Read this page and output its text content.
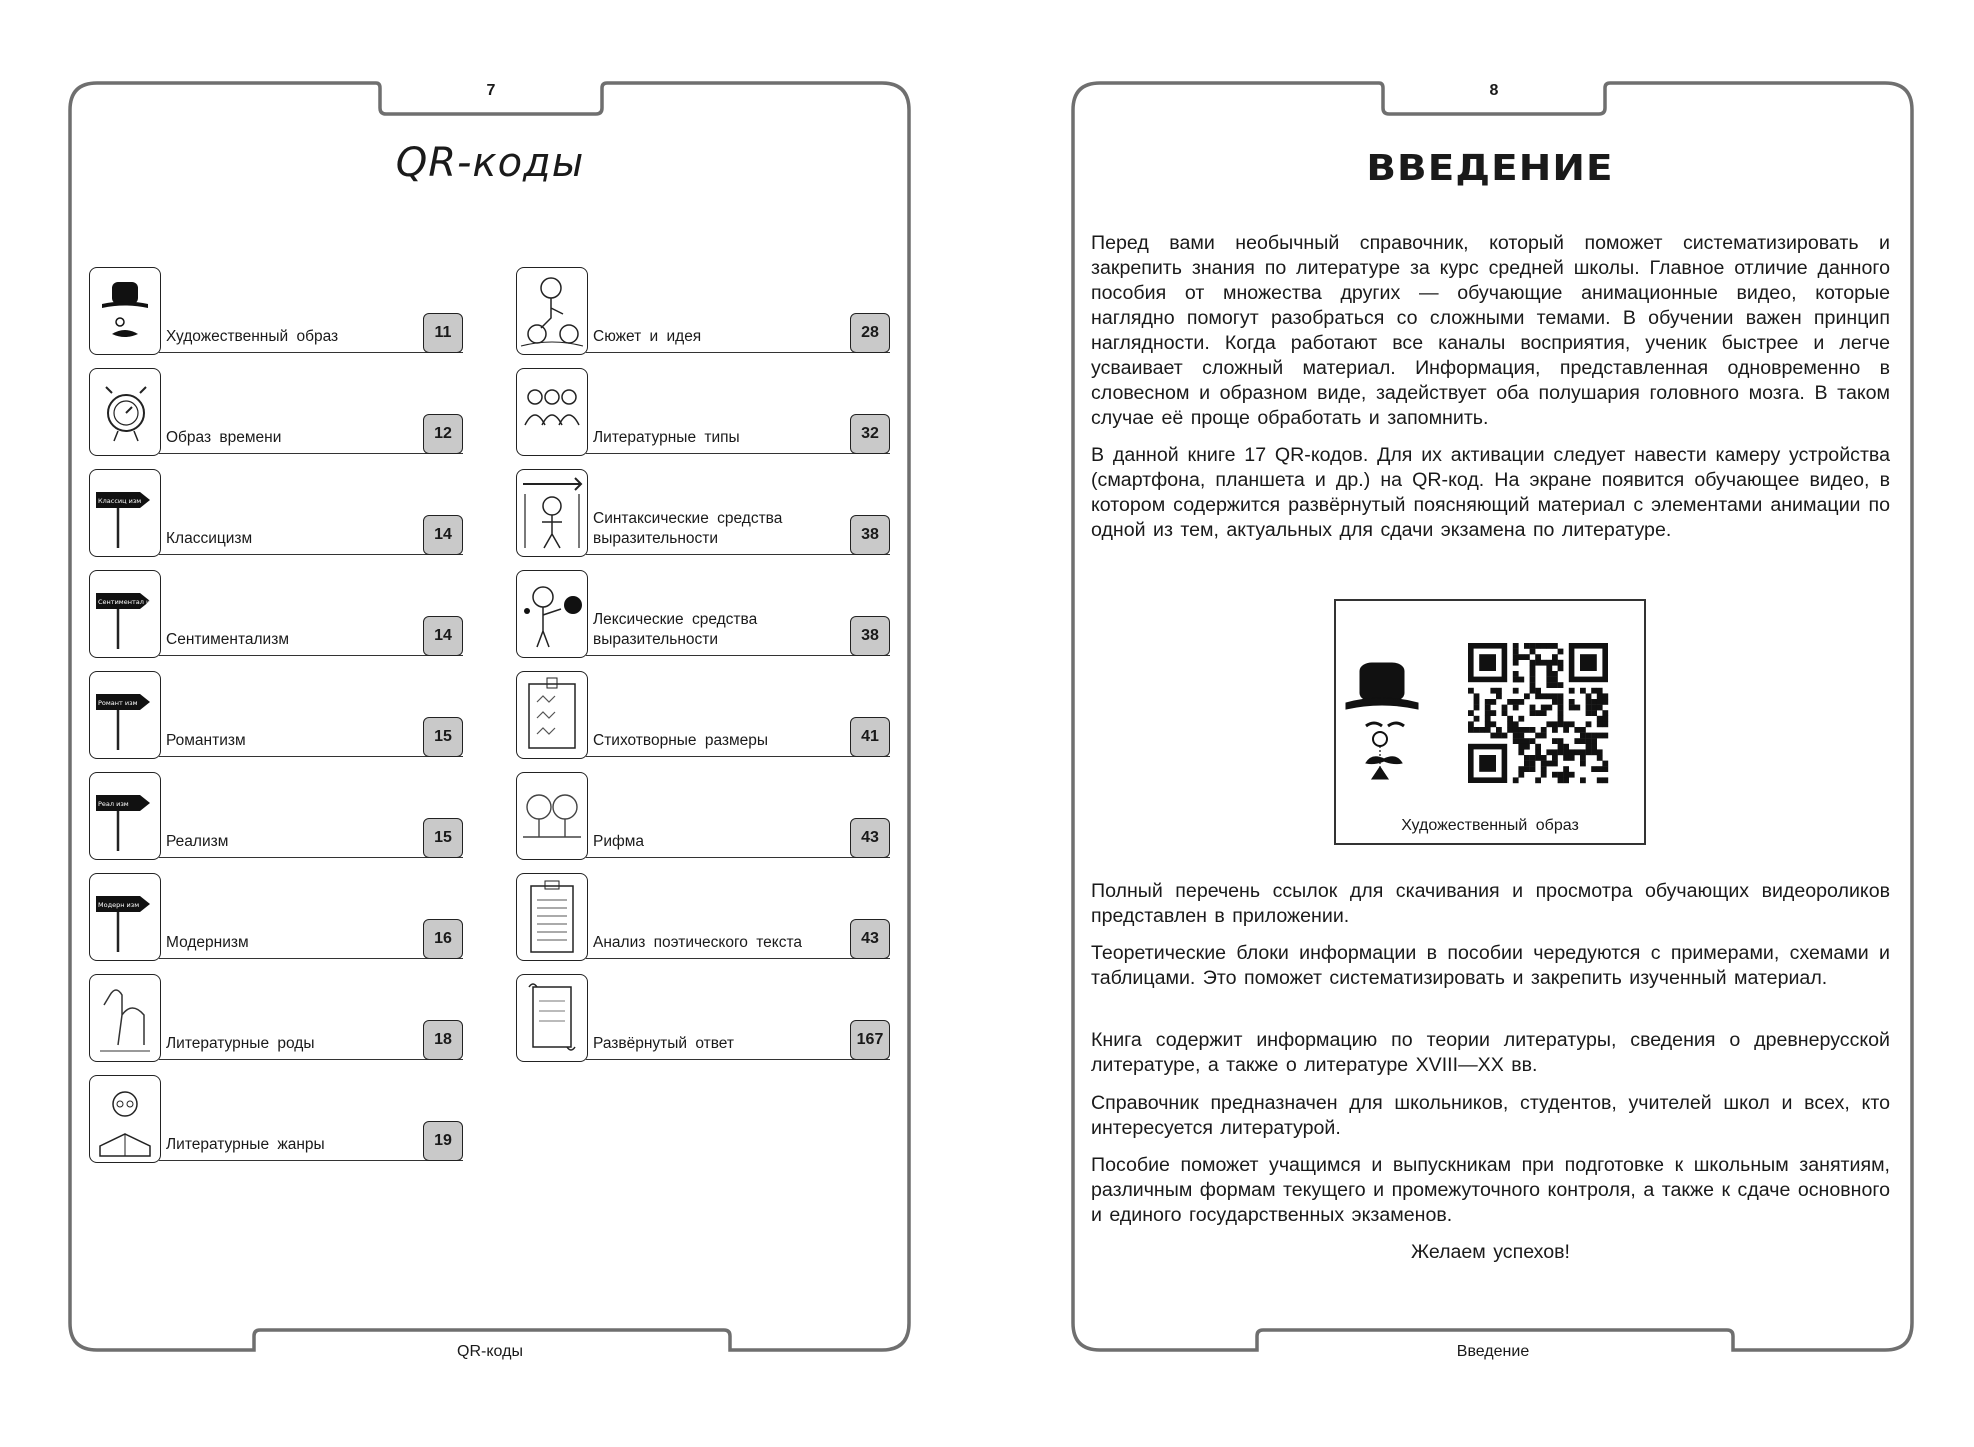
7
QR-коды
QR-коды
Художественный образ	11
Образ времени	12
Классиц изм
Классицизм	14
Сентиментал изм
Сентиментализм	14
Романт изм
Романтизм	15
Реал изм
Реализм	15
Модерн изм
Модернизм	16
Литературные роды	18
Литературные жанры	19
Сюжет и идея	28
Литературные типы	32
Синтаксические средства выразительности	38
Лексические средства выразительности	38
Стихотворные размеры	41
Рифма	43
Анализ поэтического текста	43
Развёрнутый ответ	167
8
ВВЕДЕНИЕ
Введение

Перед вами необычный справочник, который поможет систематизировать и закрепить знания по литературе за курс средней школы. Главное отличие данного пособия от множества других — обучающие анимационные видео, которые наглядно помогут разобраться со сложными темами. В обучении важен принцип наглядности. Когда работают все каналы восприятия, ученик быстрее и легче усваивает сложный материал. Информация, представленная одновременно в словесном и образном виде, задействует оба полушария головного мозга. В таком случае её проще обработать и запомнить.

В данной книге 17 QR-кодов. Для их активации следует навести камеру устройства (смартфона, планшета и др.) на QR-код. На экране появится обучающее видео, в котором содержится развёрнутый поясняющий материал с элементами анимации по одной из тем, актуальных для сдачи экзамена по литературе.

Художественный образ

Полный перечень ссылок для скачивания и просмотра обучающих видеороликов представлен в приложении.

Теоретические блоки информации в пособии чередуются с примерами, схемами и таблицами. Это поможет систематизировать и закрепить изученный материал.

Книга содержит информацию по теории литературы, сведения о древнерусской литературе, а также о литературе XVIII—XX вв.

Справочник предназначен для школьников, студентов, учителей школ и всех, кто интересуется литературой.

Пособие поможет учащимся и выпускникам при подготовке к школьным занятиям, различным формам текущего и промежуточного контроля, а также к сдаче основного и единого государственных экзаменов.

Желаем успехов!
